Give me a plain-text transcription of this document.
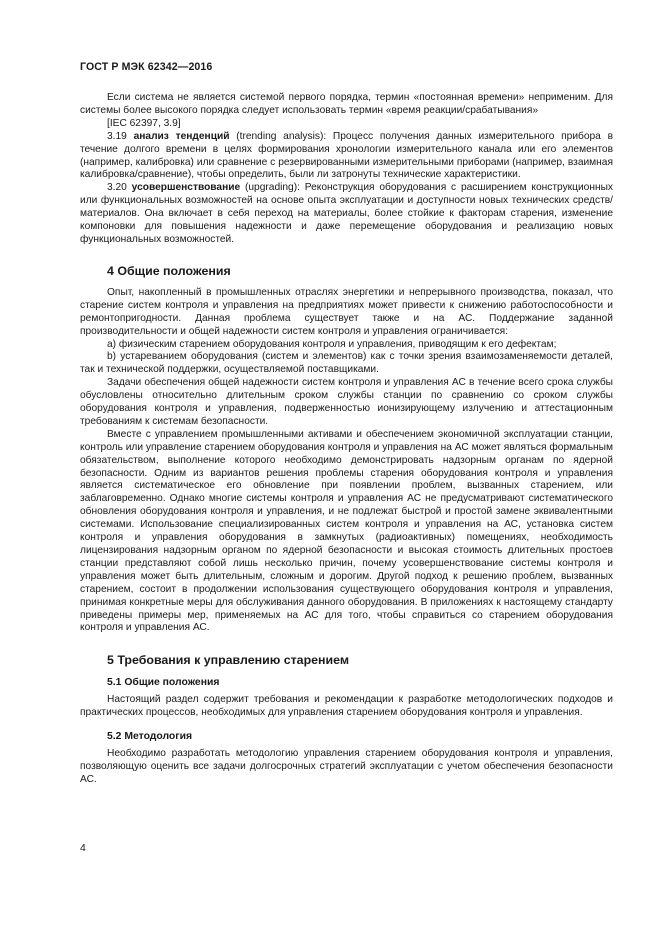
ГОСТ Р МЭК 62342—2016

Если система не является системой первого порядка, термин «постоянная времени» неприменим. Для системы более высокого порядка следует использовать термин «время реакции/срабатывания»

[IEC 62397, 3.9]

3.19 анализ тенденций (trending analysis): Процесс получения данных измерительного прибора в течение долгого времени в целях формирования хронологии измерительного канала или его элементов (например, калибровка) или сравнение с резервированными измерительными приборами (например, взаимная калибровка/сравнение), чтобы определить, были ли затронуты технические характеристики.

3.20 усовершенствование (upgrading): Реконструкция оборудования с расширением конструкционных или функциональных возможностей на основе опыта эксплуатации и доступности новых технических средств/материалов. Она включает в себя переход на материалы, более стойкие к факторам старения, изменение компоновки для повышения надежности и даже перемещение оборудования и реализацию новых функциональных возможностей.

4 Общие положения

Опыт, накопленный в промышленных отраслях энергетики и непрерывного производства, показал, что старение систем контроля и управления на предприятиях может привести к снижению работоспособности и ремонтопригодности. Данная проблема существует также и на АС. Поддержание заданной производительности и общей надежности систем контроля и управления ограничивается:

а) физическим старением оборудования контроля и управления, приводящим к его дефектам;

b) устареванием оборудования (систем и элементов) как с точки зрения взаимозаменяемости деталей, так и технической поддержки, осуществляемой поставщиками.

Задачи обеспечения общей надежности систем контроля и управления АС в течение всего срока службы обусловлены относительно длительным сроком службы станции по сравнению со сроком службы оборудования контроля и управления, подверженностью ионизирующему излучению и аттестационным требованиям к системам безопасности.

Вместе с управлением промышленными активами и обеспечением экономичной эксплуатации станции, контроль или управление старением оборудования контроля и управления на АС может являться формальным обязательством, выполнение которого необходимо демонстрировать надзорным органам по ядерной безопасности. Одним из вариантов решения проблемы старения оборудования контроля и управления является систематическое его обновление при появлении проблем, вызванных старением, или заблаговременно. Однако многие системы контроля и управления АС не предусматривают систематического обновления оборудования контроля и управления, и не подлежат быстрой и простой замене эквивалентными системами. Использование специализированных систем контроля и управления на АС, установка систем контроля и управления оборудования в замкнутых (радиоактивных) помещениях, необходимость лицензирования надзорным органом по ядерной безопасности и высокая стоимость длительных простоев станции представляют собой лишь несколько причин, почему усовершенствование системы контроля и управления может быть длительным, сложным и дорогим. Другой подход к решению проблем, вызванных старением, состоит в продолжении использования существующего оборудования контроля и управления, принимая конкретные меры для обслуживания данного оборудования. В приложениях к настоящему стандарту приведены примеры мер, применяемых на АС для того, чтобы справиться со старением оборудования контроля и управления АС.

5 Требования к управлению старением
5.1 Общие положения

Настоящий раздел содержит требования и рекомендации к разработке методологических подходов и практических процессов, необходимых для управления старением оборудования контроля и управления.

5.2 Методология

Необходимо разработать методологию управления старением оборудования контроля и управления, позволяющую оценить все задачи долгосрочных стратегий эксплуатации с учетом обеспечения безопасности АС.

4
